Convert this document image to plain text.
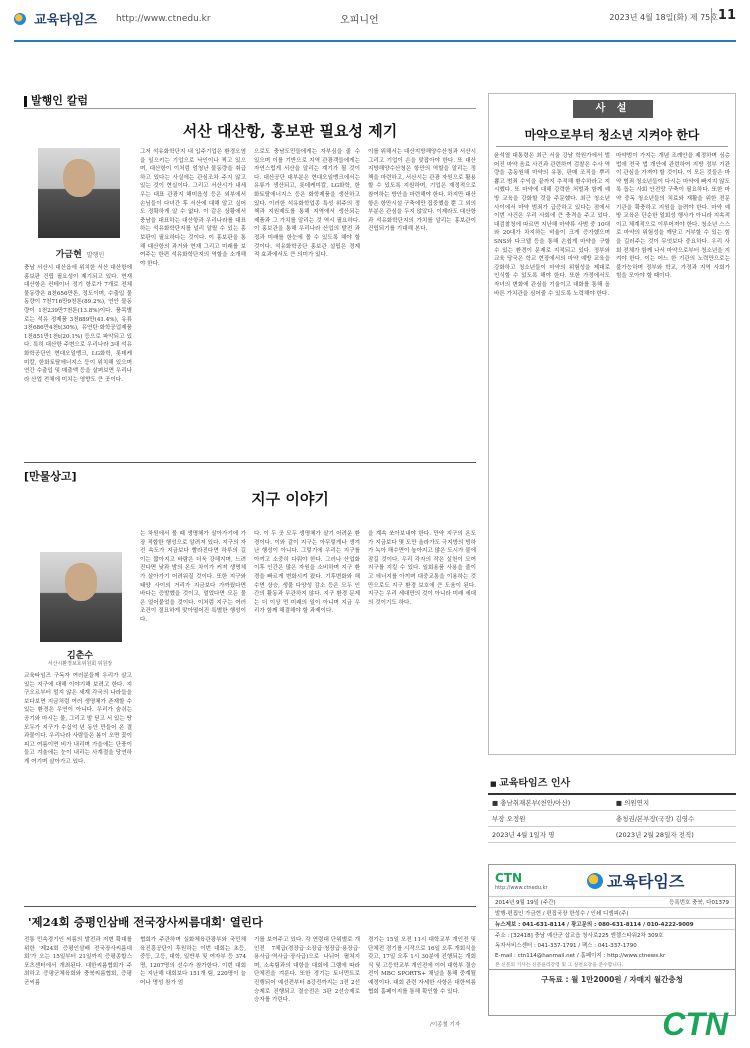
교육타임즈 http://www.ctnedu.kr	오피니언	2023년 4월 18일(화) 제 75호 11
발행인 칼럼
서산 대산항, 홍보판 필요성 제기
가금현 발행인
충남 서산시 대산읍에 위치한 서산 대산항에 홍보판 건립 필요성이 제기되고 있다. 현재 대산항은 컨테이너 정기 항로가 7개로 전체 물동량은 8천656만톤, 정도이며, 수출입 물동량이 7천716만9천톤(89.2%), 연안 물동량이 1천239만7천톤(13.8%)이다. 품목별로는 석유 정제품 3천889만(41.4%), 유류 3천686만4천t(30%), 유연탄·화학공업제품 1천851만1천t(20.1%) 등으로 파악되고 있다. 특히 대산항 주변으로 우리나라 3대 석유화학공단인 현대오일뱅크, LG화학, 롯데케미칼, 한화토탈에너지스 등이 위치해 있으며 연간 수출입 및 매출액 등을 살펴보면 우리나라 산업 전체에 미치는 영향도 큰 곳이다.
그저 석유화학단지 내 입주기업은 환경오염을 일으키는 기업으로 낙인이나 찍고 있으며, 대산항이 이처럼 엄청난 물동량을 취급하고 있다는 사실에는 관심조차 주지 않고 있는 것이 현실이다. 그리고 서산시가 내세우는 대표 관광지 해미읍성 등은 외부에서 손님들이 다녀간 후 서산에 대해 알고 싶어도 정확하게 알 수 없다. 이 같은 상황에서 충남을 대표하는 대산항과 우리나라를 대표하는 석유화학단지를 널리 알릴 수 있는 홍보판이 필요하다는 것이다. 이 홍보판을 통해 대산항의 과거와 현재 그리고 미래를 보여주는 한편 석유화학단지의 역할을 소개해야 한다.
으로도 충남도민들에게는 자부심을 줄 수 있으며 이를 기반으로 지역 관광객들에게는 자연스럽게 서산을 알리는 계기가 될 것이다. 대산공단 대부분은 현대오일뱅크에서는 유류가 생산되고, 롯데케미칼, LG화학, 한화토탈에너지스 등은 화학제품을 생산하고 있다. 이러한 석유화학업종 특성 위주의 정책과 지원제도를 통해 지역에서 생산되는 제품과 그 가치를 알리는 것 역시 필요하다. 이 홍보관을 통해 우리나라 산업의 발전 과정과 미래를 한눈에 볼 수 있도록 해야 할 것이다. 석유화학공단 홍보관 설립은 경제적 효과에서도 큰 의미가 있다.
이를 위해서는 대산지방해양수산청과 서산시 그리고 기업이 손을 맞잡아야 한다. 또 대산지방해양수산청은 항만의 역할을 알리는 정책을 마련하고, 서산시는 관광 자원으로 활용할 수 있도록 지원하며, 기업은 재정적으로 참여하는 방안을 마련해야 한다. 하지만 대산항은 항만시설 구축에만 집중했을 뿐 그 외의 부분은 관심을 두지 않았다. 이제라도 대산항과 석유화학단지의 가치를 알리는 홍보관이 건립되기를 기대해 본다.
[만물상고]
지구 이야기
김춘수
서산시환경보호위원회 위원장
교육타임즈 구독자 여러분들께 우리가 살고있는 지구에 대해 이야기해 보려고 한다. 지구오르부터 멀지 않은 세계 각국의 나라들을 보다보면 지금처럼 여러 생명체가 존재할 수 있는 환경은 우연이 아니다. 우리가 숨쉬는 공기와 마시는 물, 그리고 발 딛고 서 있는 땅 모두가 지구가 수십억 년 동안 만들어 온 결과물이다. 우리나라 사람들은 봄이 오면 꽃이 피고 여름이면 비가 내리며 가을에는 단풍이 들고 겨울에는 눈이 내리는 사계절을 당연하게 여기며 살아가고 있다.
는 차원에서 볼 때 생명체가 살아가기에 가장 적합한 행성으로 알려져 있다. 지구의 자전 속도가 지금보다 빨라진다면 하루의 길이는 짧아지고 바람은 더욱 강해지며, 느려진다면 낮과 밤의 온도 차이가 커져 생명체가 살아가기 어려워질 것이다. 또한 지구와 태양 사이의 거리가 지금보다 가까웠다면 바다는 증발했을 것이고, 멀었다면 모든 물은 얼어붙었을 것이다. 이처럼 지구는 여러 조건이 절묘하게 맞아떨어진 특별한 행성이다.
다. 이 두 곳 모두 생명체가 살기 어려운 환경이다. 이와 같이 지구는 아무렇게나 생겨난 행성이 아니다. 그렇기에 우리는 지구를 아끼고 소중히 다뤄야 한다. 그러나 산업화 이후 인간은 많은 자원을 소비하며 지구 환경을 빠르게 변화시켜 왔다. 기후변화와 해수면 상승, 생물 다양성 감소 등은 모두 인간의 활동과 무관하지 않다. 지구 환경 문제는 더 이상 먼 미래의 일이 아니며 지금 우리가 함께 해결해야 할 과제이다.
을 계속 쏘아보내야 한다. 만약 지구의 온도가 지금보다 몇 도만 올라가도 극지방의 빙하가 녹아 해수면이 높아지고 많은 도시가 물에 잠길 것이다. 우리 각자의 작은 실천이 모여 지구를 지킬 수 있다. 일회용품 사용을 줄이고 에너지를 아끼며 대중교통을 이용하는 것만으로도 지구 환경 보호에 큰 도움이 된다. 지구는 우리 세대만의 것이 아니라 미래 세대의 것이기도 하다.
'제24회 증평인삼배 전국장사씨름대회' 열린다
전통 민속경기인 씨름의 발전과 저변 확대를 위한 '제24회 증평인삼배 전국장사씨름대회'가 오는 15일부터 21일까지 증평종합스포츠센터에서 개최된다. 대한씨름협회가 주최하고 증평군체육회와 충북씨름협회, 증평군씨름
협회가 주관하며 실화체육관광부와 국민체육진흥공단이 후원하는 이번 대회는 초등, 중등, 고등, 대학, 일반부 및 여자부 등 374명, 1207명의 선수가 참가한다. 이번 대회는 지난해 대회보다 151개 팀, 220명이 늘어나 명성 참가 엄
기를 보여주고 있다. 각 연령대 단위별로 개인전 7체급(경장급·소장급·청장급·용장급·용사급·역사급·장사급)으로 나뉘어 펼쳐지며, 소속팀과의 대항을 대회에 그램에 따라 단체전을 겨룬다. 또한 경기는 토너먼트로 진행되어 예선전부터 8강전까지는 3전 2선승제로 진행되고 결승전은 3판 2선승제로 승자를 가린다.
경기는 15일 오전 11시 대학교부 개인전 및 단체전 경기를 시작으로 16일 오후 개회식을 갖고, 17일 오후 1시 30분에 진행되는 개회식 및 고등학교부 개인전에 이어 대학부 결승전이 MBC SPORTS+ 채널을 통해 중계될 예정이다. 대회 관련 자세한 사항은 대한씨름협회 홈페이지를 통해 확인할 수 있다.
/이종철 기자
사 설
마약으로부터 청소년 지켜야 한다
윤석열 대통령은 최근 서울 강남 학원가에서 벌어진 마약 음료 사건과 관련하여 검찰은 수사 역량을 총동원해 마약의 유통, 판매 조직을 뿌리 뽑고 범죄 수익을 끝까지 추적해 환수하라고 지시했다. 또 마약에 대해 강력한 처벌과 함께 예방 교육을 강화할 것을 주문했다. 최근 청소년 사이에서 마약 범죄가 급증하고 있다는 점에서 이번 사건은 우리 사회에 큰 충격을 주고 있다. 대검찰청에 따르면 지난해 마약류 사범 중 10대와 20대가 차지하는 비율이 크게 증가했으며 SNS와 다크웹 등을 통해 손쉽게 마약을 구할 수 있는 환경이 문제로 지적되고 있다. 정부와 교육 당국은 학교 현장에서의 마약 예방 교육을 강화하고 청소년들이 마약의 위험성을 제대로 인식할 수 있도록 해야 한다. 또한 가정에서도 자녀의 변화에 관심을 기울이고 대화를 통해 올바른 가치관을 심어줄 수 있도록 노력해야 한다.
마약범이 가지는 개념 조례안을 제정하며 심층법에 전국 법 개안에 관련하여 지방 정부 기관이 관심을 가져야 할 것이다. 이 모든 것들은 마약 범죄 청소년들이 다시는 마약에 빠지지 않도록 돕는 사회 안전망 구축이 필요하다. 또한 마약 중독 청소년들의 치료와 재활을 위한 전문 기관을 확충하고 지원을 늘려야 한다. 마약 예방 교육은 단순한 일회성 행사가 아니라 지속적이고 체계적으로 이루어져야 한다. 청소년 스스로 마약의 위험성을 깨닫고 거부할 수 있는 힘을 길러주는 것이 무엇보다 중요하다. 우리 사회 전체가 함께 나서 마약으로부터 청소년을 지켜야 한다. 이는 어느 한 기관의 노력만으로는 불가능하며 정부와 학교, 가정과 지역 사회가 힘을 모아야 할 때이다.
■ 교육타임즈 인사
■ 충남취재본부(천안/아산)	■ 의원연지
부장 오정원	충청권/본부장(국장) 김영수
2023년 4월 1일자 명	(2023년 2월 28일자 전직)
CTN
http://www.ctnedu.kr	교육타임즈
2014년 9월 19일 (주간)	등록번호 충북, 다01379
발행·편집인 가금현 / 편집국장 한성수 / 인쇄 디엠피(주)
뉴스제보 : 041-631-8114 / 광고문의 : 080-631-8114 / 010-4222-9009
주소 : [32418] 충남 예산군 삽교읍 청사로225 엔젤스타워2차 309호
독자서비스센터 : 041-337-1791 / 팩스 : 041-337-1790
E-mail : ctn114@hanmail.net / 홈페이지 : http://www.ctnews.kr
본 신문의 기사는 신문윤리강령 및 그 실천요강을 준수합니다.
구독료 : 월 1만2000원 / 자매지 월간충청
CTN
